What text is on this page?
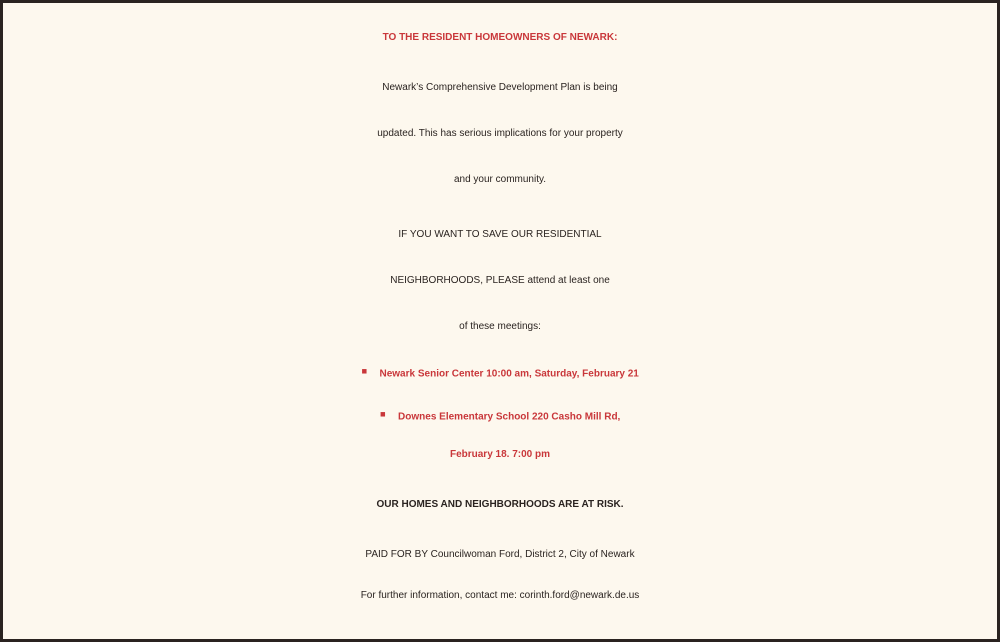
TO THE RESIDENT HOMEOWNERS OF NEWARK:
Newark’s Comprehensive Development Plan is being
updated. This has serious implications for your property
and your community.
IF YOU WANT TO SAVE OUR RESIDENTIAL
NEIGHBORHOODS, PLEASE attend at least one
of these meetings:
▪ Newark Senior Center 10:00 am, Saturday, February 21
▪ Downes Elementary School 220 Casho Mill Rd,
February 18. 7:00 pm
OUR HOMES AND NEIGHBORHOODS ARE AT RISK.
PAID FOR BY Councilwoman Ford, District 2, City of Newark
For further information, contact me: corinth.ford@newark.de.us
